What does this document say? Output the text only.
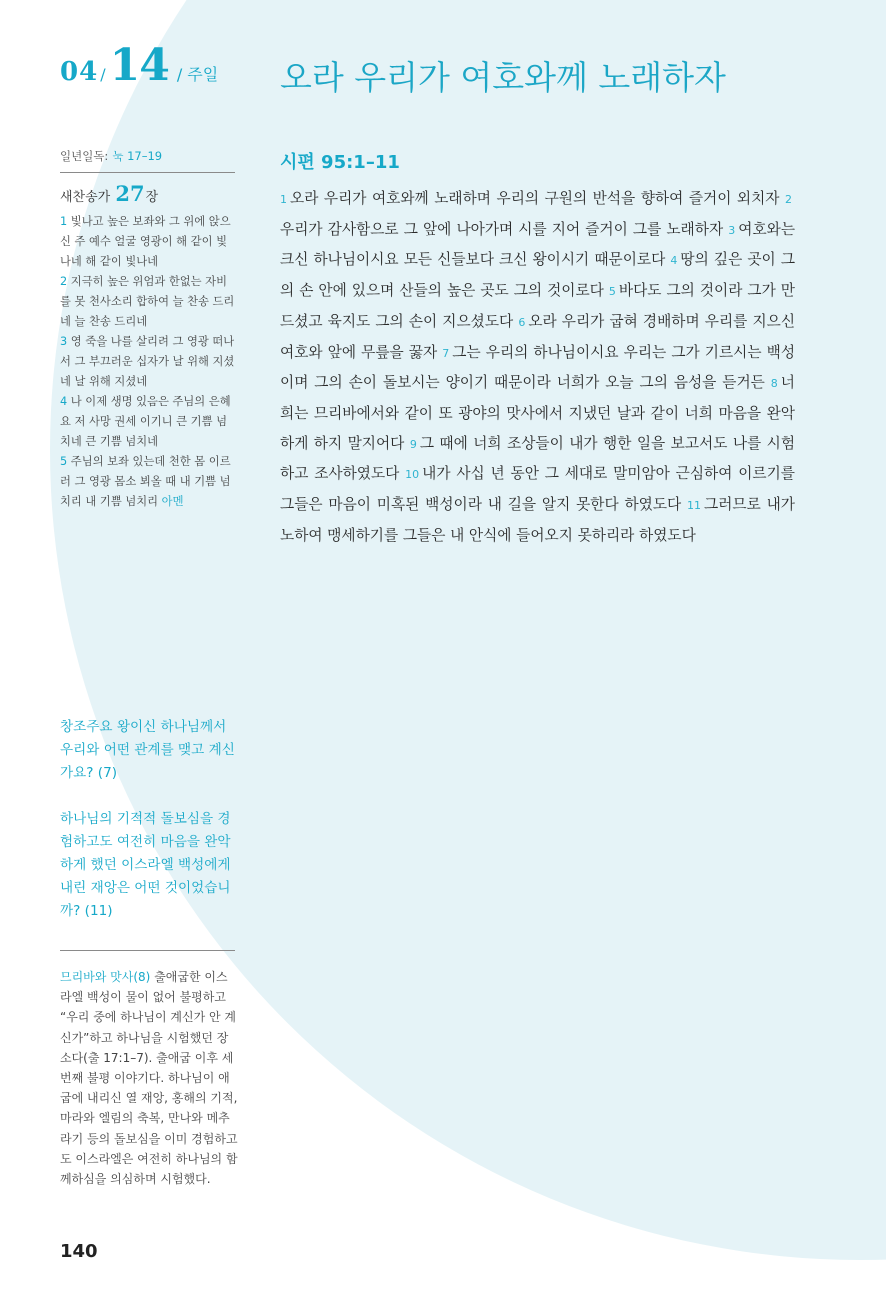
04 / 14 / 주일 오라 우리가 여호와께 노래하자
일년일독: 눅 17–19
새찬송가 27장
1 빛나고 높은 보좌와 그 위에 앉으신 주 예수 얼굴 영광이 해 같이 빛나네 해 같이 빛나네
2 지극히 높은 위엄과 한없는 자비를 못 천사소리 합하여 늘 찬송 드리네 늘 찬송 드리네
3 영 죽을 나를 살리려 그 영광 떠나서 그 부끄러운 십자가 날 위해 지셨네 날 위해 지셨네
4 나 이제 생명 있음은 주님의 은혜요 저 사망 권세 이기니 큰 기쁨 넘치네 큰 기쁨 넘치네
5 주님의 보좌 있는데 천한 몸 이르러 그 영광 몸소 뵈올 때 내 기쁨 넘치리 내 기쁨 넘치리 아멘

창조주요 왕이신 하나님께서 우리와 어떤 관계를 맺고 계신가요? (7)

하나님의 기적적 돌보심을 경험하고도 여전히 마음을 완악하게 했던 이스라엘 백성에게 내린 재앙은 어떤 것이었습니까? (11)

므리바와 맛사(8) 출애굽한 이스라엘 백성이 물이 없어 불평하고 “우리 중에 하나님이 계신가 안 계신가”하고 하나님을 시험했던 장소다(출 17:1–7). 출애굽 이후 세 번째 불평 이야기다. 하나님이 애굽에 내리신 열 재앙, 홍해의 기적, 마라와 엘림의 축복, 만나와 메추라기 등의 돌보심을 이미 경험하고도 이스라엘은 여전히 하나님의 함께하심을 의심하며 시험했다.
140
시편 95:1–11
1 오라 우리가 여호와께 노래하며 우리의 구원의 반석을 향하여 즐거이 외치자 2우리가 감사함으로 그 앞에 나아가며 시를 지어 즐거이 그를 노래하자 3 여호와는 크신 하나님이시요 모든 신들보다 크신 왕이시기 때문이로다 4 땅의 깊은 곳이 그의 손 안에 있으며 산들의 높은 곳도 그의 것이로다 5 바다도 그의 것이라 그가 만드셨고 육지도 그의 손이 지으셨도다 6 오라 우리가 굽혀 경배하며 우리를 지으신 여호와 앞에 무릎을 꿇자 7 그는 우리의 하나님이시요 우리는 그가 기르시는 백성이며 그의 손이 돌보시는 양이기 때문이라 너희가 오늘 그의 음성을 듣거든 8 너희는 므리바에서와 같이 또 광야의 맛사에서 지냈던 날과 같이 너희 마음을 완악하게 하지 말지어다 9 그 때에 너희 조상들이 내가 행한 일을 보고서도 나를 시험하고 조사하였도다 10 내가 사십 년 동안 그 세대로 말미암아 근심하여 이르기를 그들은 마음이 미혹된 백성이라 내 길을 알지 못한다 하였도다 11 그러므로 내가 노하여 맹세하기를 그들은 내 안식에 들어오지 못하리라 하였도다
